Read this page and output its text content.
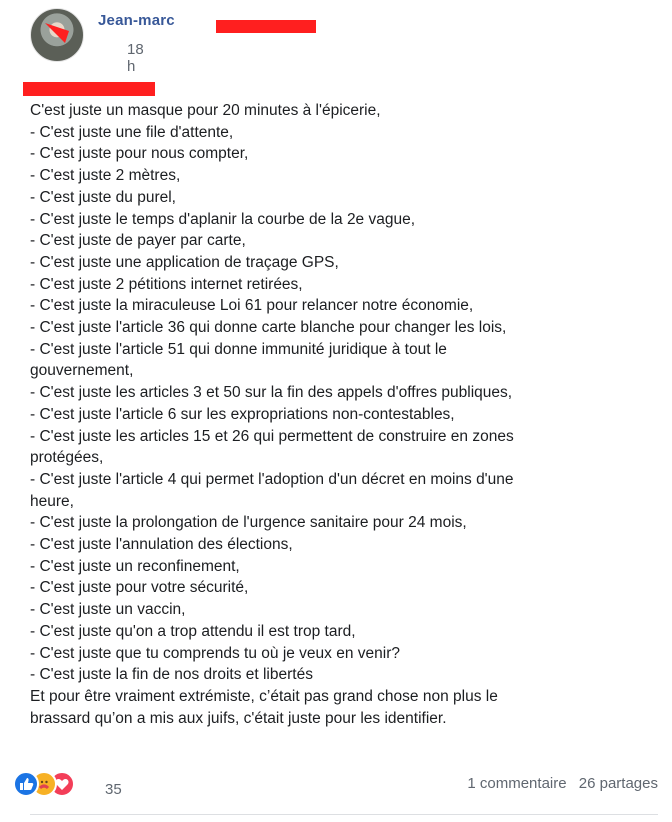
Jean-marc
18 h
C'est juste un masque pour 20 minutes à l'épicerie,
- C'est juste une file d'attente,
- C'est juste pour nous compter,
- C'est juste 2 mètres,
- C'est juste du purel,
- C'est juste le temps d'aplanir la courbe de la 2e vague,
- C'est juste de payer par carte,
- C'est juste une application de traçage GPS,
- C'est juste 2 pétitions internet retirées,
- C'est juste la miraculeuse Loi 61 pour relancer notre économie,
- C'est juste l'article 36 qui donne carte blanche pour changer les lois,
- C'est juste l'article 51 qui donne immunité juridique à tout le
gouvernement,
- C'est juste les articles 3 et 50 sur la fin des appels d'offres publiques,
- C'est juste l'article 6 sur les expropriations non-contestables,
- C'est juste les articles 15 et 26 qui permettent de construire en zones
protégées,
- C'est juste l'article 4 qui permet l'adoption d'un décret en moins d'une
heure,
- C'est juste la prolongation de l'urgence sanitaire pour 24 mois,
- C'est juste l'annulation des élections,
- C'est juste un reconfinement,
- C'est juste pour votre sécurité,
- C'est juste un vaccin,
- C'est juste qu'on a trop attendu il est trop tard,
- C'est juste que tu comprends tu où je veux en venir?
- C'est juste la fin de nos droits et libertés
Et pour être vraiment extrémiste, c’était pas grand chose non plus le
brassard qu’on a mis aux juifs, c'était juste pour les identifier.
35	1 commentaire 26 partages
